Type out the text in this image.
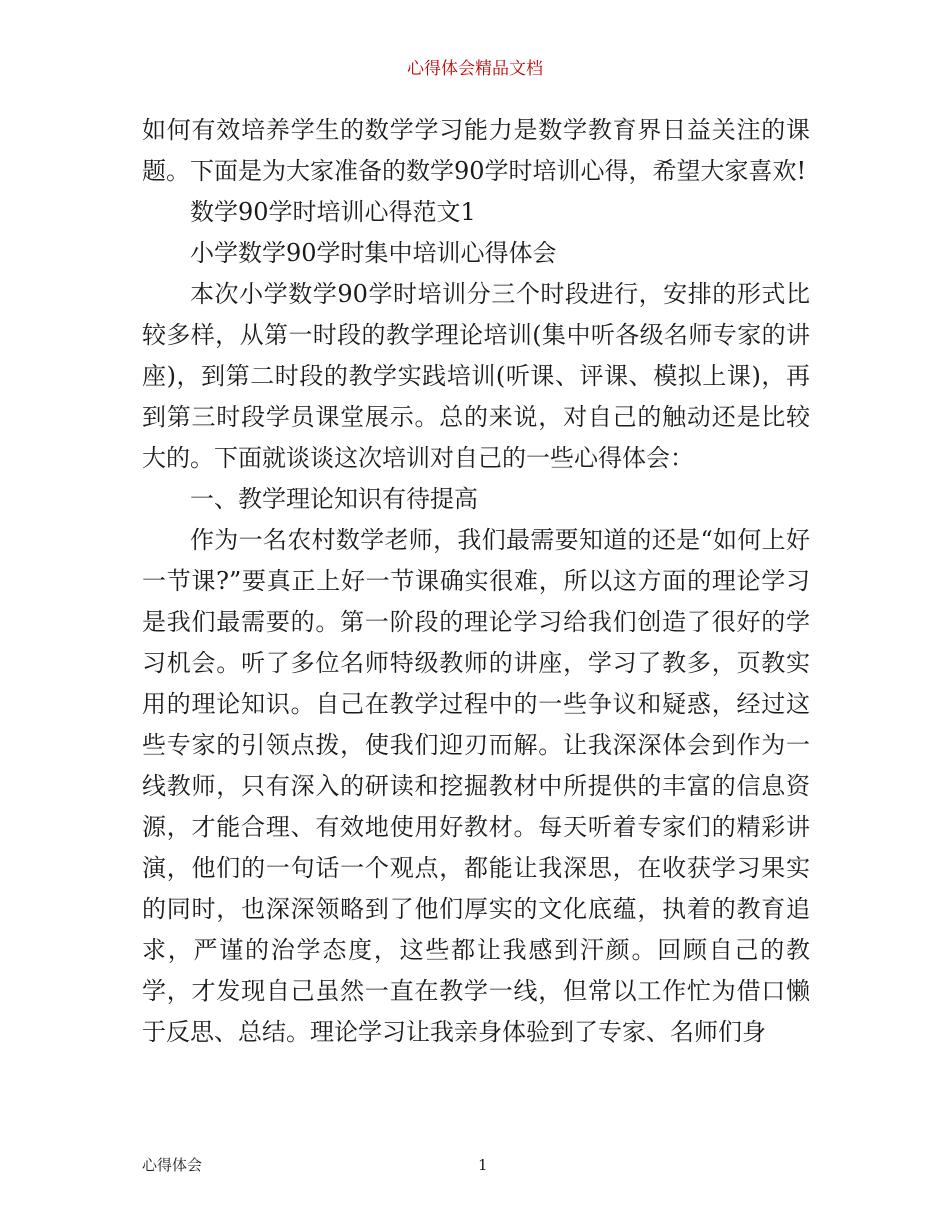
心得体会精品文档

如何有效培养学生的数学学习能力是数学教育界日益关注的课题。下面是为大家准备的数学90学时培训心得，希望大家喜欢!

数学90学时培训心得范文1

小学数学90学时集中培训心得体会

本次小学数学90学时培训分三个时段进行，安排的形式比较多样，从第一时段的教学理论培训(集中听各级名师专家的讲座)，到第二时段的教学实践培训(听课、评课、模拟上课)，再到第三时段学员课堂展示。总的来说，对自己的触动还是比较大的。下面就谈谈这次培训对自己的一些心得体会：

一、教学理论知识有待提高

作为一名农村数学老师，我们最需要知道的还是“如何上好一节课?”要真正上好一节课确实很难，所以这方面的理论学习是我们最需要的。第一阶段的理论学习给我们创造了很好的学习机会。听了多位名师特级教师的讲座，学习了教多，页教实用的理论知识。自己在教学过程中的一些争议和疑惑，经过这些专家的引领点拨，使我们迎刃而解。让我深深体会到作为一线教师，只有深入的研读和挖掘教材中所提供的丰富的信息资源，才能合理、有效地使用好教材。每天听着专家们的精彩讲演，他们的一句话一个观点，都能让我深思，在收获学习果实的同时，也深深领略到了他们厚实的文化底蕴，执着的教育追求，严谨的治学态度，这些都让我感到汗颜。回顾自己的教学，才发现自己虽然一直在教学一线，但常以工作忙为借口懒于反思、总结。理论学习让我亲身体验到了专家、名师们身

心得体会	1
